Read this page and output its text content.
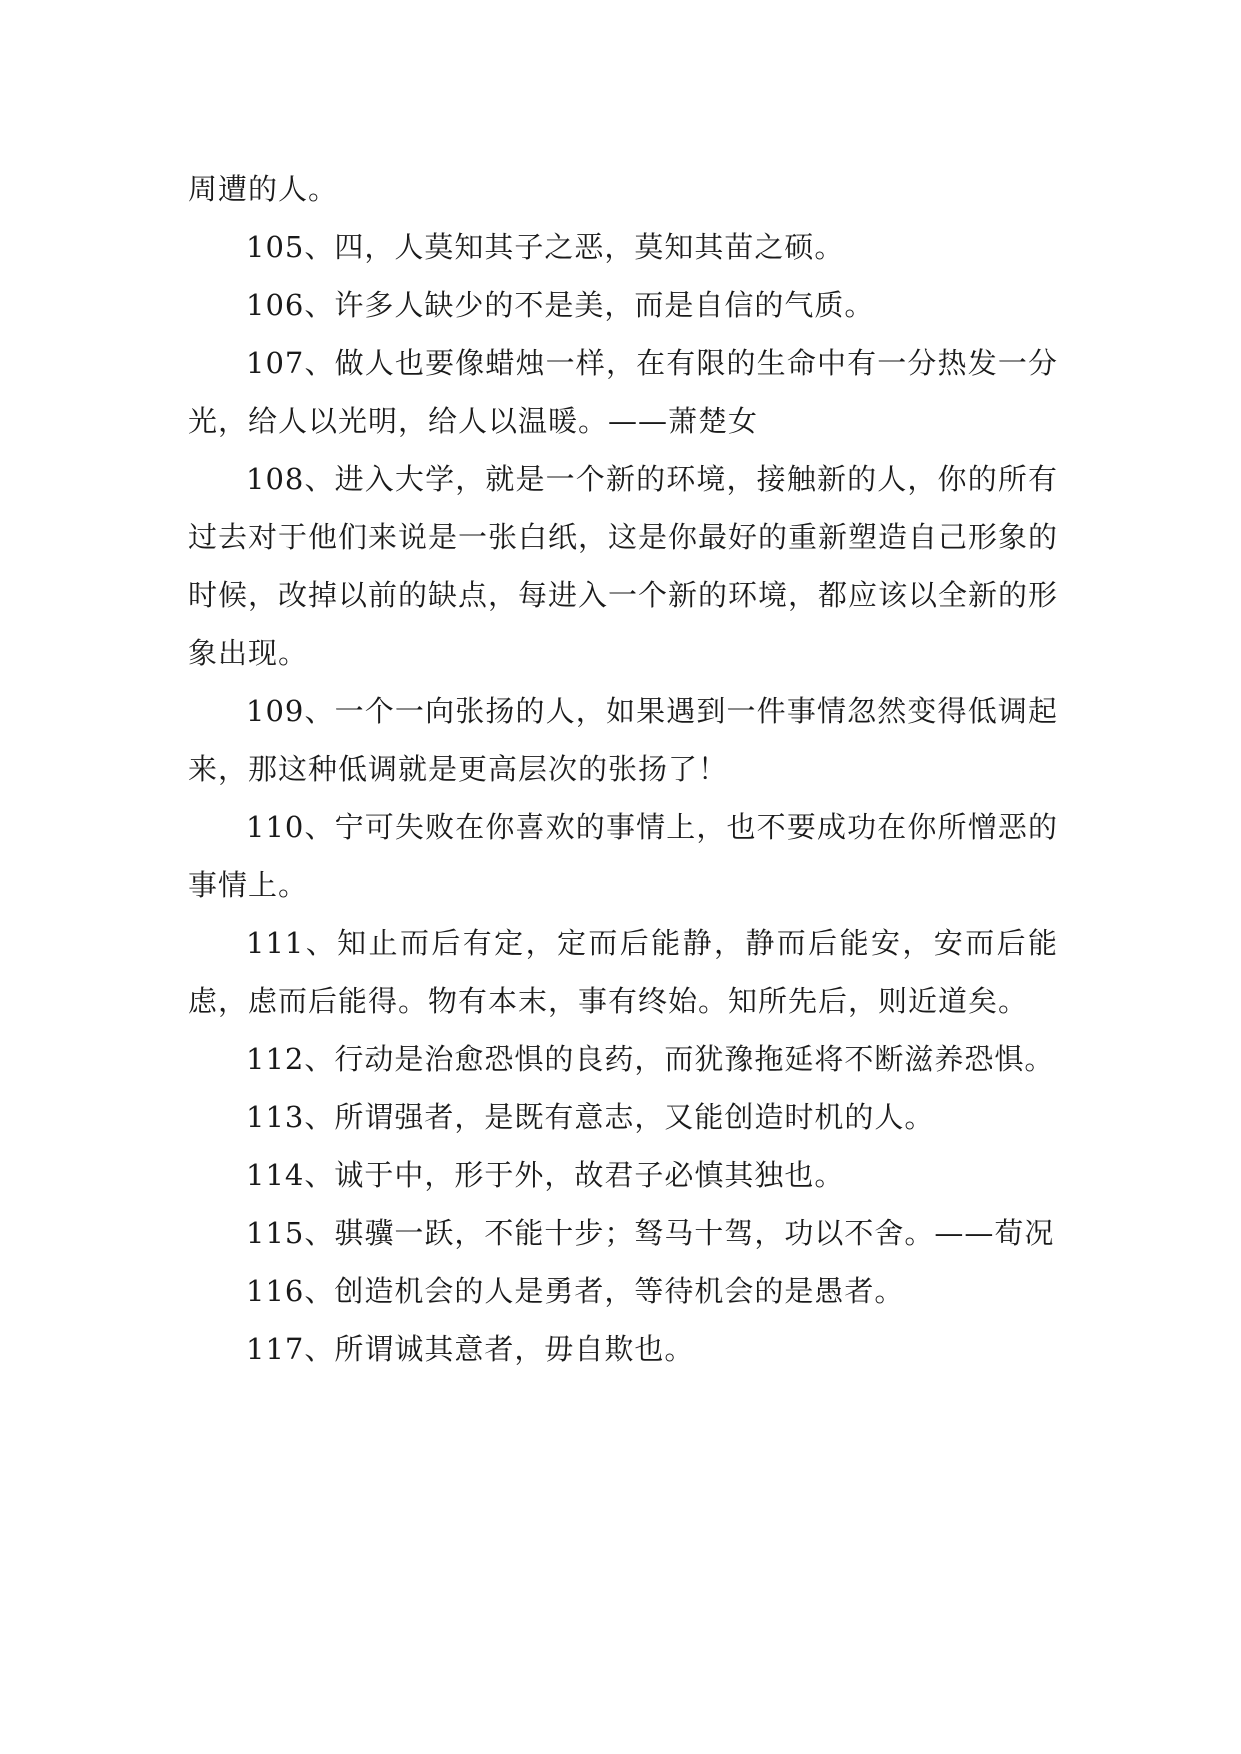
周遭的人。

105、四，人莫知其子之恶，莫知其苗之硕。

106、许多人缺少的不是美，而是自信的气质。

107、做人也要像蜡烛一样，在有限的生命中有一分热发一分光，给人以光明，给人以温暖。——萧楚女

108、进入大学，就是一个新的环境，接触新的人，你的所有过去对于他们来说是一张白纸，这是你最好的重新塑造自己形象的时候，改掉以前的缺点，每进入一个新的环境，都应该以全新的形象出现。

109、一个一向张扬的人，如果遇到一件事情忽然变得低调起来，那这种低调就是更高层次的张扬了！

110、宁可失败在你喜欢的事情上，也不要成功在你所憎恶的事情上。

111、知止而后有定，定而后能静，静而后能安，安而后能虑，虑而后能得。物有本末，事有终始。知所先后，则近道矣。

112、行动是治愈恐惧的良药，而犹豫拖延将不断滋养恐惧。

113、所谓强者，是既有意志，又能创造时机的人。

114、诚于中，形于外，故君子必慎其独也。

115、骐骥一跃，不能十步；驽马十驾，功以不舍。——荀况

116、创造机会的人是勇者，等待机会的是愚者。

117、所谓诚其意者，毋自欺也。
